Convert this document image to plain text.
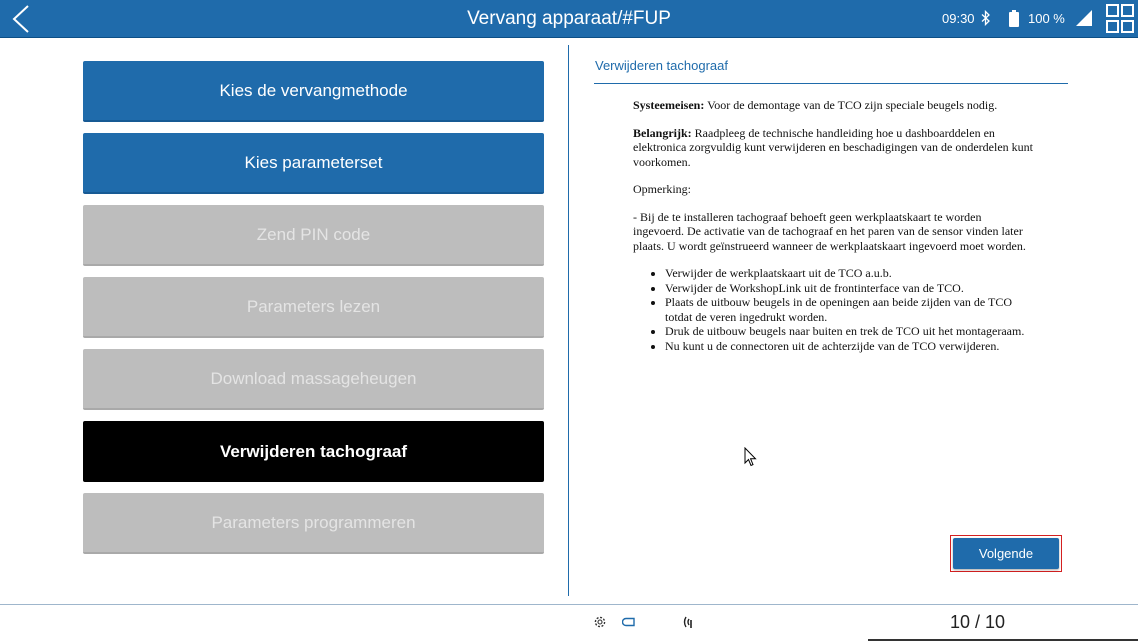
Vervang apparaat/#FUP	09:30	100 %
Kies de vervangmethode
Kies parameterset
Zend PIN code
Parameters lezen
Download massageheugen
Verwijderen tachograaf
Parameters programmeren
Verwijderen tachograaf

Systeemeisen: Voor de demontage van de TCO zijn speciale beugels nodig.

Belangrijk: Raadpleeg de technische handleiding hoe u dashboarddelen en elektronica zorgvuldig kunt verwijderen en beschadigingen van de onderdelen kunt voorkomen.

Opmerking:

- Bij de te installeren tachograaf behoeft geen werkplaatskaart te worden ingevoerd. De activatie van de tachograaf en het paren van de sensor vinden later plaats. U wordt geïnstrueerd wanneer de werkplaatskaart ingevoerd moet worden.

• Verwijder de werkplaatskaart uit de TCO a.u.b.
• Verwijder de WorkshopLink uit de frontinterface van de TCO.
• Plaats de uitbouw beugels in de openingen aan beide zijden van de TCO totdat de veren ingedrukt worden.
• Druk de uitbouw beugels naar buiten en trek de TCO uit het montageraam.
• Nu kunt u de connectoren uit de achterzijde van de TCO verwijderen.
Volgende
10 / 10
